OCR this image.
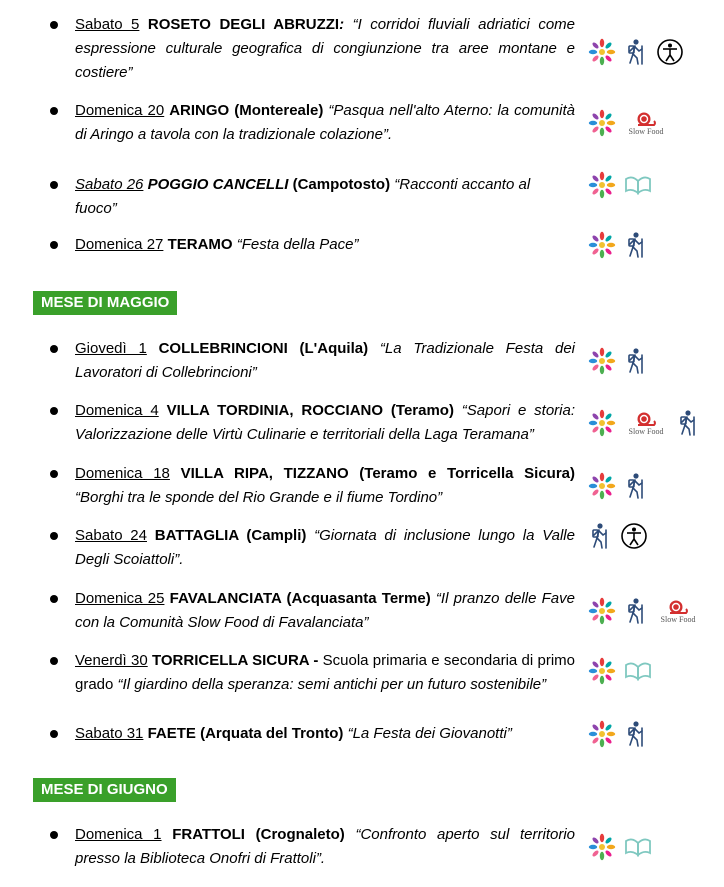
Sabato 5 ROSETO DEGLI ABRUZZI: “I corridoi fluviali adriatici come espressione culturale geografica di congiunzione tra aree montane e costiere”
Domenica 20 ARINGO (Montereale) “Pasqua nell'alto Aterno: la comunità di Aringo a tavola con la tradizionale colazione”.	Slow Food
Sabato 26 POGGIO CANCELLI (Campotosto) “Racconti accanto al fuoco”
Domenica 27 TERAMO “Festa della Pace”
MESE DI MAGGIO
Giovedì 1 COLLEBRINCIONI (L'Aquila) “La Tradizionale Festa dei Lavoratori di Collebrincioni”
Domenica 4 VILLA TORDINIA, ROCCIANO (Teramo) “Sapori e storia: Valorizzazione delle Virtù Culinarie e territoriali della Laga Teramana”	Slow Food
Domenica 18 VILLA RIPA, TIZZANO (Teramo e Torricella Sicura) “Borghi tra le sponde del Rio Grande e il fiume Tordino”
Sabato 24 BATTAGLIA (Campli) “Giornata di inclusione lungo la Valle Degli Scoiattoli”.
Domenica 25 FAVALANCIATA (Acquasanta Terme) “Il pranzo delle Fave con la Comunità Slow Food di Favalanciata”	Slow Food
Venerdì 30 TORRICELLA SICURA - Scuola primaria e secondaria di primo grado “Il giardino della speranza: semi antichi per un futuro sostenibile”
Sabato 31 FAETE (Arquata del Tronto) “La Festa dei Giovanotti”
MESE DI GIUGNO
Domenica 1 FRATTOLI (Crognaleto) “Confronto aperto sul territorio presso la Biblioteca Onofri di Frattoli”.
